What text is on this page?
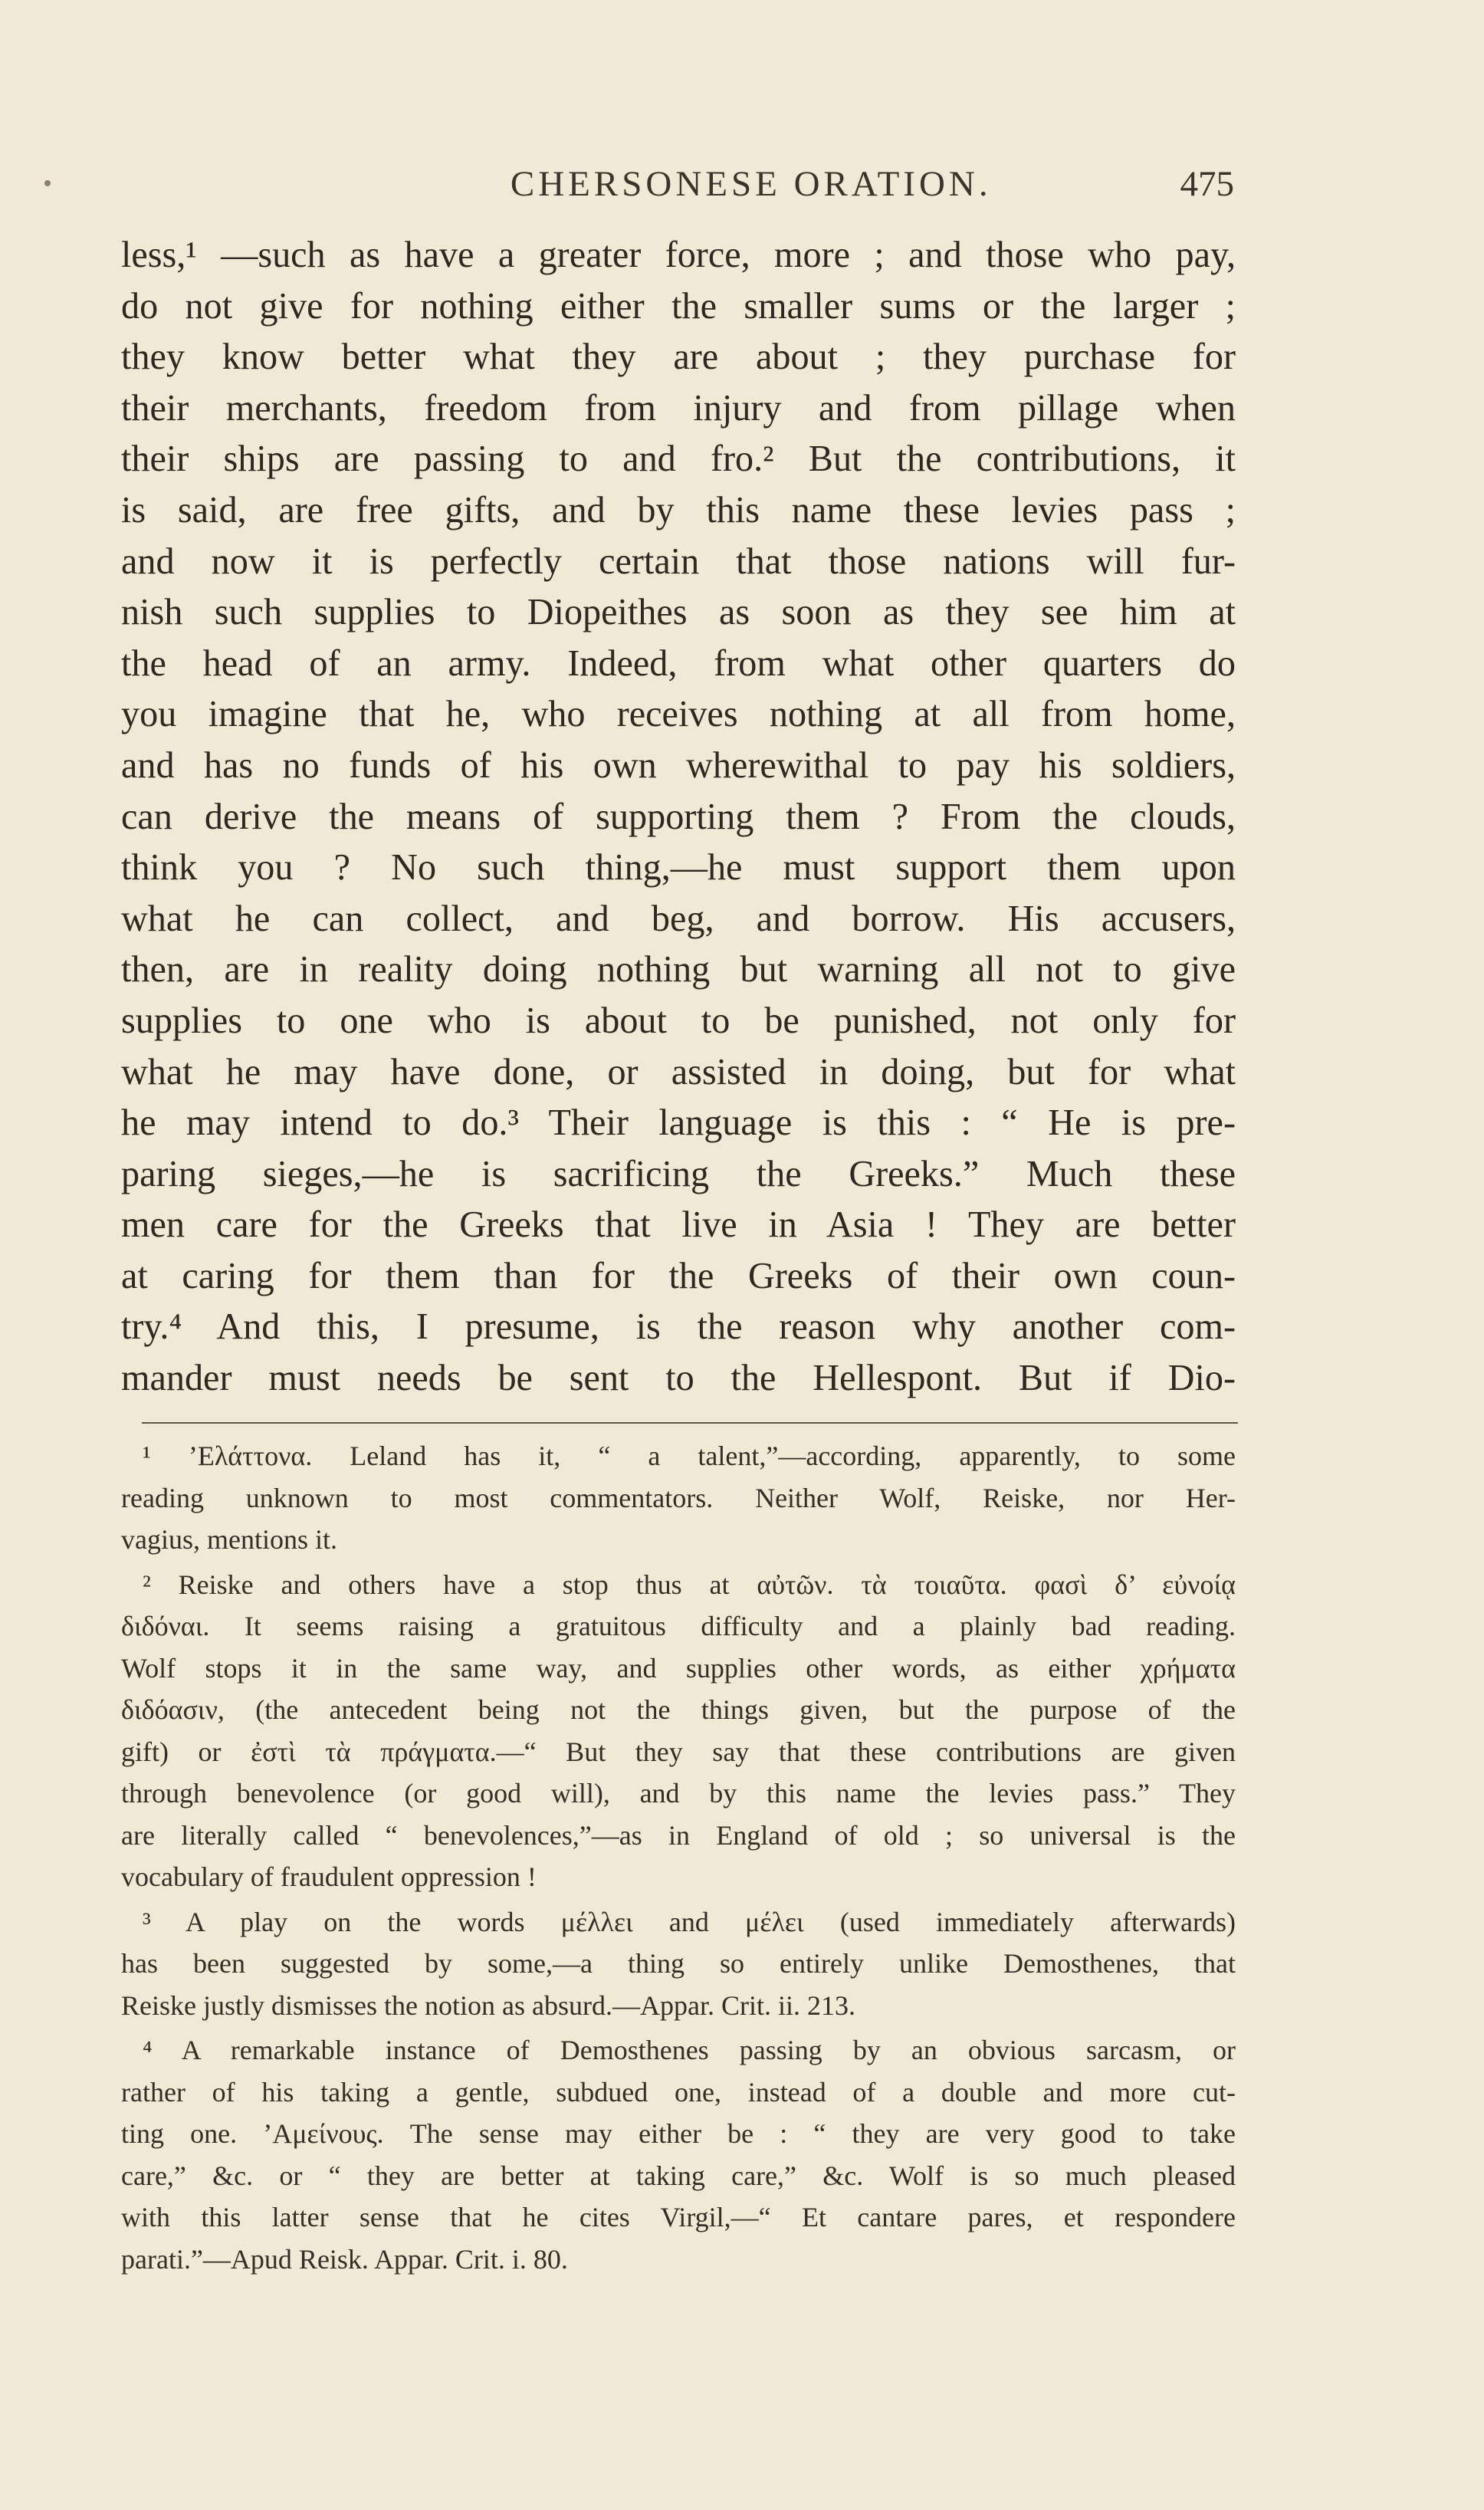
CHERSONESE ORATION.	475
less,¹ —such as have a greater force, more ; and those who pay,
do not give for nothing either the smaller sums or the larger ;
they know better what they are about ; they purchase for
their merchants, freedom from injury and from pillage when
their ships are passing to and fro.² But the contributions, it
is said, are free gifts, and by this name these levies pass ;
and now it is perfectly certain that those nations will fur-
nish such supplies to Diopeithes as soon as they see him at
the head of an army. Indeed, from what other quarters do
you imagine that he, who receives nothing at all from home,
and has no funds of his own wherewithal to pay his soldiers,
can derive the means of supporting them ? From the clouds,
think you ? No such thing,—he must support them upon
what he can collect, and beg, and borrow. His accusers,
then, are in reality doing nothing but warning all not to give
supplies to one who is about to be punished, not only for
what he may have done, or assisted in doing, but for what
he may intend to do.³ Their language is this : “ He is pre-
paring sieges,—he is sacrificing the Greeks.” Much these
men care for the Greeks that live in Asia ! They are better
at caring for them than for the Greeks of their own coun-
try.⁴ And this, I presume, is the reason why another com-
mander must needs be sent to the Hellespont. But if Dio-
¹ ’Ελάττονα. Leland has it, “ a talent,”—according, apparently, to some
reading unknown to most commentators. Neither Wolf, Reiske, nor Her-
vagius, mentions it.
² Reiske and others have a stop thus at αὐτῶν. τὰ τοιαῦτα. φασὶ δ’ εὐνοίᾳ
διδόναι. It seems raising a gratuitous difficulty and a plainly bad reading.
Wolf stops it in the same way, and supplies other words, as either χρήματα
διδόασιν, (the antecedent being not the things given, but the purpose of the
gift) or ἐστὶ τὰ πράγματα.—“ But they say that these contributions are given
through benevolence (or good will), and by this name the levies pass.” They
are literally called “ benevolences,”—as in England of old ; so universal is the
vocabulary of fraudulent oppression !
³ A play on the words μέλλει and μέλει (used immediately afterwards)
has been suggested by some,—a thing so entirely unlike Demosthenes, that
Reiske justly dismisses the notion as absurd.—Appar. Crit. ii. 213.
⁴ A remarkable instance of Demosthenes passing by an obvious sarcasm, or
rather of his taking a gentle, subdued one, instead of a double and more cut-
ting one. ’Αμείνους. The sense may either be : “ they are very good to take
care,” &c. or “ they are better at taking care,” &c. Wolf is so much pleased
with this latter sense that he cites Virgil,—“ Et cantare pares, et respondere
parati.”—Apud Reisk. Appar. Crit. i. 80.
